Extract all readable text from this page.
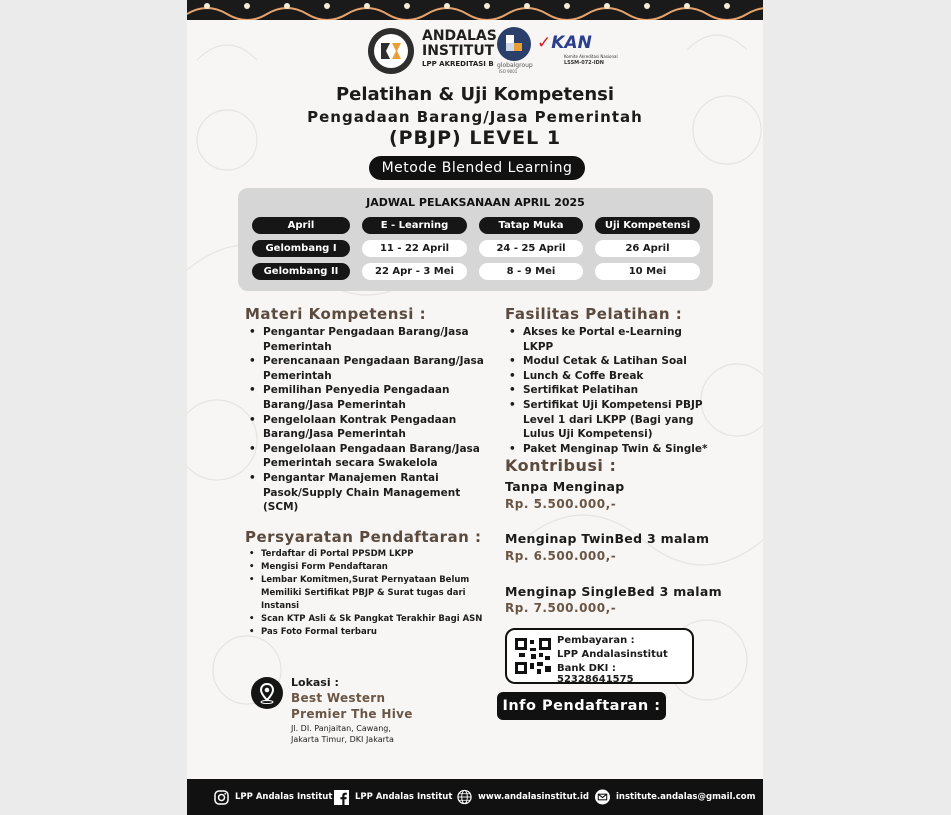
ANDALAS
INSTITUT
LPP AKREDITASI B globalgroup
ISO 9001
✓KAN
Komite Akreditasi Nasional
LSSM-072-IDN
Pelatihan & Uji Kompetensi
Pengadaan Barang/Jasa Pemerintah
(PBJP) LEVEL 1
Metode Blended Learning
JADWAL PELAKSANAAN APRIL 2025
April	E - Learning	Tatap Muka	Uji Kompetensi
Gelombang I	11 - 22 April	24 - 25 April	26 April
Gelombang II	22 Apr - 3 Mei	8 - 9 Mei	10 Mei
Materi Kompetensi :
• Pengantar Pengadaan Barang/Jasa Pemerintah
• Perencanaan Pengadaan Barang/Jasa Pemerintah
• Pemilihan Penyedia Pengadaan Barang/Jasa Pemerintah
• Pengelolaan Kontrak Pengadaan Barang/Jasa Pemerintah
• Pengelolaan Pengadaan Barang/Jasa Pemerintah secara Swakelola
• Pengantar Manajemen Rantai Pasok/Supply Chain Management (SCM)
Fasilitas Pelatihan :
• Akses ke Portal e-Learning LKPP
• Modul Cetak & Latihan Soal
• Lunch & Coffe Break
• Sertifikat Pelatihan
• Sertifikat Uji Kompetensi PBJP Level 1 dari LKPP (Bagi yang Lulus Uji Kompetensi)
• Paket Menginap Twin & Single*
Kontribusi :
Tanpa Menginap
Rp. 5.500.000,-
Menginap TwinBed 3 malam
Rp. 6.500.000,-
Menginap SingleBed 3 malam
Rp. 7.500.000,-
Persyaratan Pendaftaran :
• Terdaftar di Portal PPSDM LKPP
• Mengisi Form Pendaftaran
• Lembar Komitmen,Surat Pernyataan Belum Memiliki Sertifikat PBJP & Surat tugas dari Instansi
• Scan KTP Asli & Sk Pangkat Terakhir Bagi ASN
• Pas Foto Formal terbaru
Pembayaran :
LPP Andalasinstitut
Bank DKI : 52328641575
Info Pendaftaran :
Lokasi :
Best Western
Premier The Hive
Jl. DI. Panjaitan, Cawang,
Jakarta Timur, DKI Jakarta
LPP Andalas Institut	LPP Andalas Institut	www.andalasinstitut.id	institute.andalas@gmail.com
